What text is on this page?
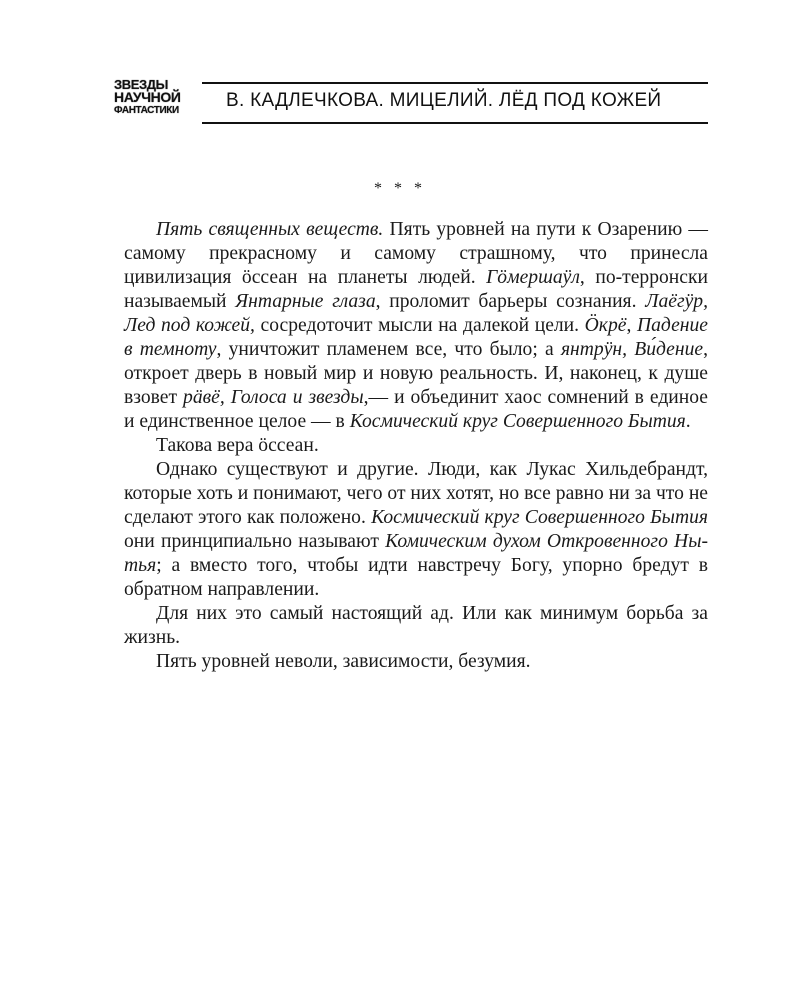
ЗВЕЗДЫ
НАУЧНОЙ
ФАНТАСТИКИ	В. КАДЛЕЧКОВА. МИЦЕЛИЙ. ЛЁД ПОД КОЖЕЙ
* * *

Пять священных веществ. Пять уровней на пути к Озарению — самому прекрасному и самому страшному, что принесла цивилизация öссеан на планеты людей. Гöмершаӱл, по-терронски называемый Янтарные глаза, проломит барьеры сознания. Лаёгӱр, Лед под кожей, сосредоточит мысли на далекой цели. Öкрё, Падение в темноту, уничтожит пламенем все, что было; а янтрӱн, Ви́дение, откроет дверь в новый мир и новую реальность. И, наконец, к душе взовет рäвё, Голоса и звезды,— и объединит хаос сомнений в единое и единственное целое — в Космический круг Совершенного Бытия.

Такова вера öссеан.

Однако существуют и другие. Люди, как Лукас Хильдебрандт, которые хоть и понимают, чего от них хотят, но все равно ни за что не сделают этого как положено. Космический круг Совершенного Бытия они принципиально называют Комическим духом Откровенного Нытья; а вместо того, чтобы идти навстречу Богу, упорно бредут в обратном направлении.

Для них это самый настоящий ад. Или как минимум борьба за жизнь.

Пять уровней неволи, зависимости, безумия.
